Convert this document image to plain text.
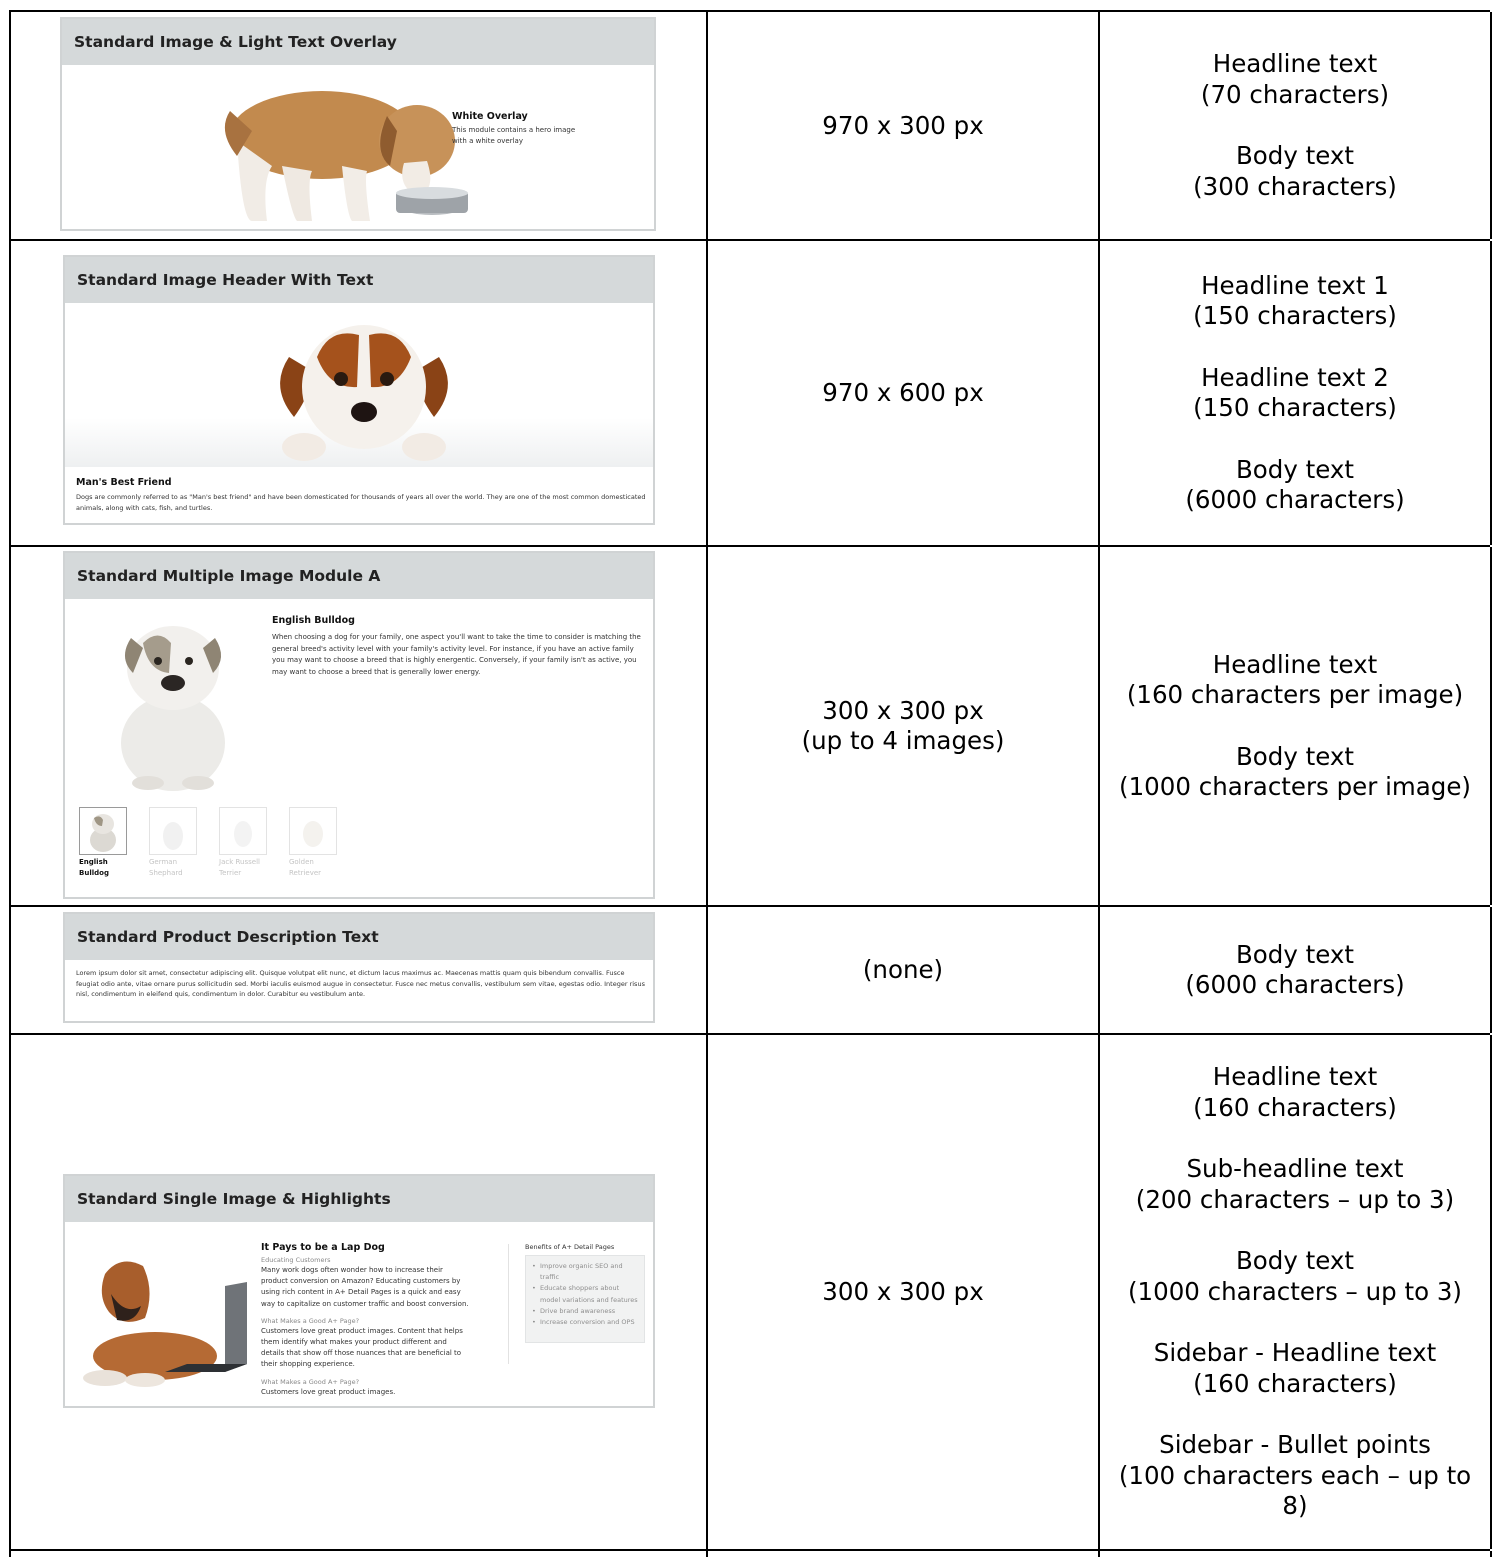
Standard Image & Light Text Overlay
White Overlay
This module contains a hero image with a white overlay
970 x 300 px
Headline text
(70 characters)
Body text
(300 characters)
Standard Image Header With Text
Man's Best Friend
Dogs are commonly referred to as "Man's best friend" and have been domesticated for thousands of years all over the world. They are one of the most common domesticated animals, along with cats, fish, and turtles.
970 x 600 px
Headline text 1
(150 characters)
Headline text 2
(150 characters)
Body text
(6000 characters)
Standard Multiple Image Module A
English Bulldog
When choosing a dog for your family, one aspect you'll want to take the time to consider is matching the general breed's activity level with your family's activity level. For instance, if you have an active family you may want to choose a breed that is highly energentic. Conversely, if your family isn't as active, you may want to choose a breed that is generally lower energy.
English
Bulldog
German
Shephard
Jack Russell
Terrier
Golden
Retriever
300 x 300 px
(up to 4 images)
Headline text
(160 characters per image)
Body text
(1000 characters per image)
Standard Product Description Text
Lorem ipsum dolor sit amet, consectetur adipiscing elit. Quisque volutpat elit nunc, et dictum lacus maximus ac. Maecenas mattis quam quis bibendum convallis. Fusce feugiat odio ante, vitae ornare purus sollicitudin sed. Morbi iaculis euismod augue in consectetur. Fusce nec metus convallis, vestibulum sem vitae, egestas odio. Integer risus nisl, condimentum in eleifend quis, condimentum in dolor. Curabitur eu vestibulum ante.
(none)
Body text
(6000 characters)
Standard Single Image & Highlights
It Pays to be a Lap Dog
Educating Customers
Many work dogs often wonder how to increase their product conversion on Amazon? Educating customers by using rich content in A+ Detail Pages is a quick and easy way to capitalize on customer traffic and boost conversion.
What Makes a Good A+ Page?
Customers love great product images. Content that helps them identify what makes your product different and details that show off those nuances that are beneficial to their shopping experience.
What Makes a Good A+ Page?
Customers love great product images.
Benefits of A+ Detail Pages
• Improve organic SEO and traffic
• Educate shoppers about model variations and features
• Drive brand awareness
• Increase conversion and OPS
300 x 300 px
Headline text
(160 characters)
Sub-headline text
(200 characters – up to 3)
Body text
(1000 characters – up to 3)
Sidebar - Headline text
(160 characters)
Sidebar - Bullet points
(100 characters each – up to 8)
